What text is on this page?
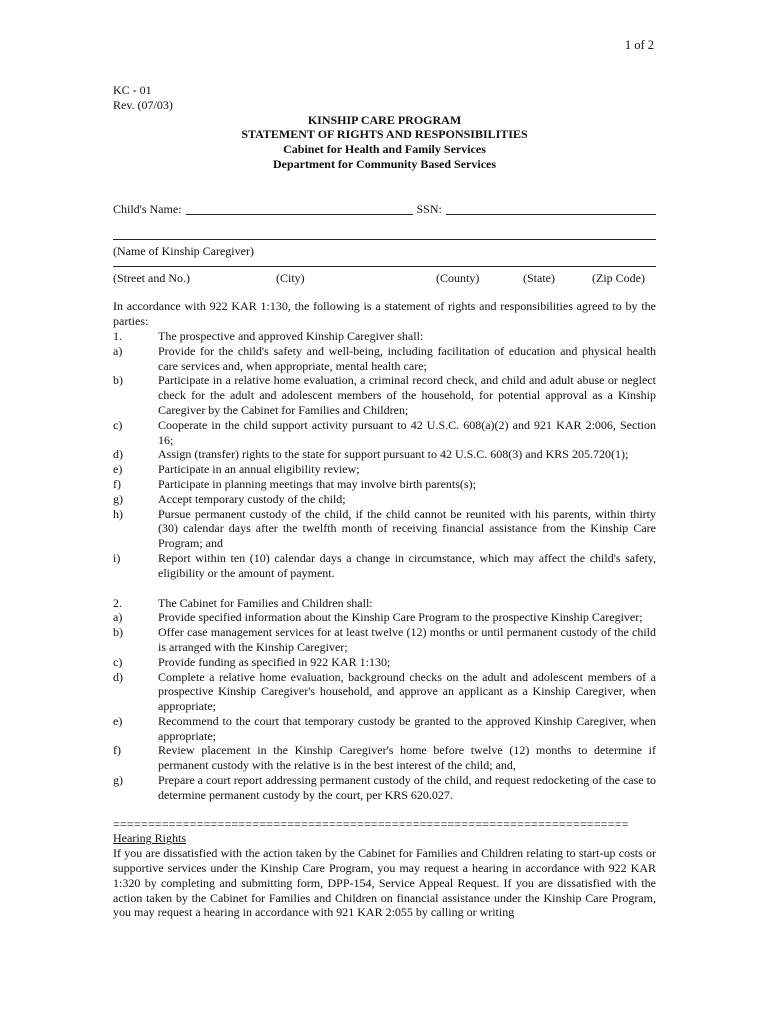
1 of 2
KC - 01
Rev. (07/03)
KINSHIP CARE PROGRAM
STATEMENT OF RIGHTS AND RESPONSIBILITIES
Cabinet for Health and Family Services
Department for Community Based Services
Child's Name:	SSN:
(Name of Kinship Caregiver)
(Street and No.)	(City)	(County)	(State)	(Zip Code)
In accordance with 922 KAR 1:130, the following is a statement of rights and responsibilities agreed to by the parties:
1.	The prospective and approved Kinship Caregiver shall:
a)	Provide for the child's safety and well-being, including facilitation of education and physical health care services and, when appropriate, mental health care;
b)	Participate in a relative home evaluation, a criminal record check, and child and adult abuse or neglect check for the adult and adolescent members of the household, for potential approval as a Kinship Caregiver by the Cabinet for Families and Children;
c)	Cooperate in the child support activity pursuant to 42 U.S.C. 608(a)(2) and 921 KAR 2:006, Section 16;
d)	Assign (transfer) rights to the state for support pursuant to 42 U.S.C. 608(3) and KRS 205.720(1);
e)	Participate in an annual eligibility review;
f)	Participate in planning meetings that may involve birth parents(s);
g)	Accept temporary custody of the child;
h)	Pursue permanent custody of the child, if the child cannot be reunited with his parents, within thirty (30) calendar days after the twelfth month of receiving financial assistance from the Kinship Care Program; and
i)	Report within ten (10) calendar days a change in circumstance, which may affect the child's safety, eligibility or the amount of payment.
2.	The Cabinet for Families and Children shall:
a)	Provide specified information about the Kinship Care Program to the prospective Kinship Caregiver;
b)	Offer case management services for at least twelve (12) months or until permanent custody of the child is arranged with the Kinship Caregiver;
c)	Provide funding as specified in 922 KAR 1:130;
d)	Complete a relative home evaluation, background checks on the adult and adolescent members of a prospective Kinship Caregiver's household, and approve an applicant as a Kinship Caregiver, when appropriate;
e)	Recommend to the court that temporary custody be granted to the approved Kinship Caregiver, when appropriate;
f)	Review placement in the Kinship Caregiver's home before twelve (12) months to determine if permanent custody with the relative is in the best interest of the child; and,
g)	Prepare a court report addressing permanent custody of the child, and request redocketing of the case to determine permanent custody by the court, per KRS 620.027.
==========================================================================
Hearing Rights
If you are dissatisfied with the action taken by the Cabinet for Families and Children relating to start-up costs or supportive services under the Kinship Care Program, you may request a hearing in accordance with 922 KAR 1:320 by completing and submitting form, DPP-154, Service Appeal Request. If you are dissatisfied with the action taken by the Cabinet for Families and Children on financial assistance under the Kinship Care Program, you may request a hearing in accordance with 921 KAR 2:055 by calling or writing
